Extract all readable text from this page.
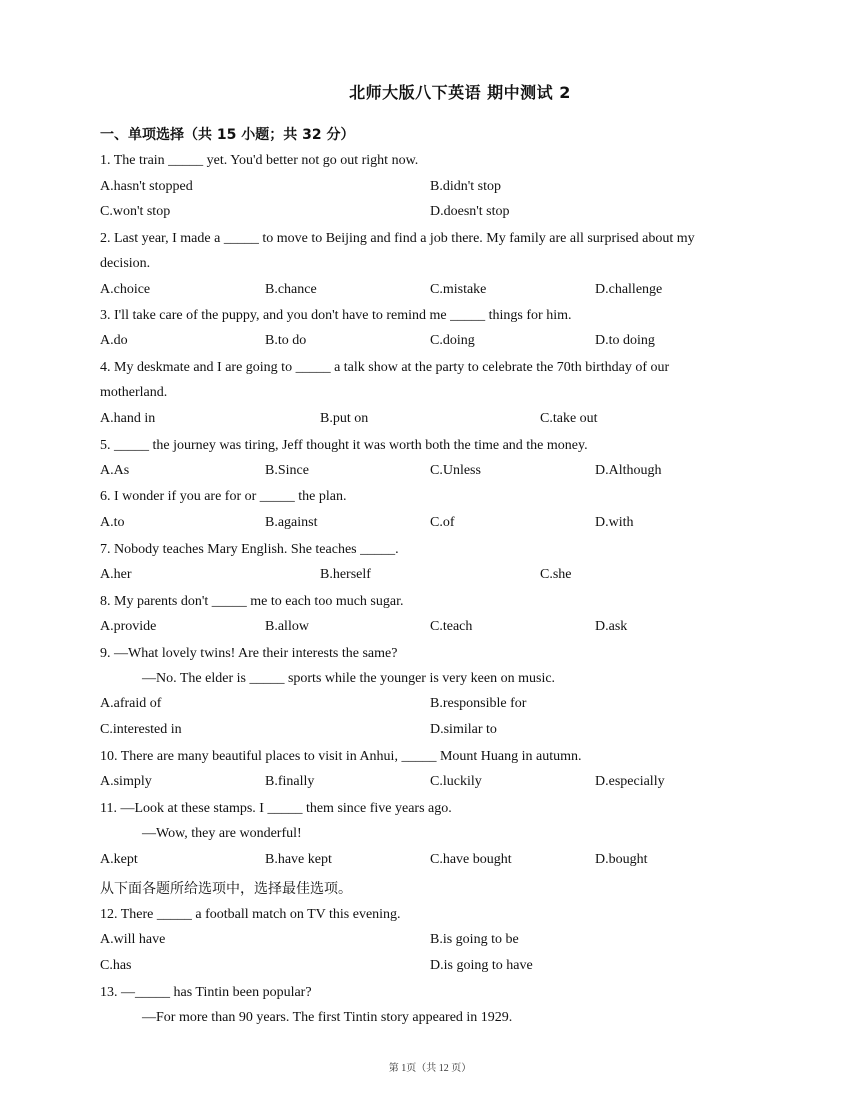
北师大版八下英语 期中测试 2
一、单项选择（共 15 小题；共 32 分）
1. The train _____ yet. You'd better not go out right now.
A.hasn't stopped	B.didn't stop
C.won't stop	D.doesn't stop
2. Last year, I made a _____ to move to Beijing and find a job there. My family are all surprised about my
decision.
A.choice	B.chance	C.mistake	D.challenge
3. I'll take care of the puppy, and you don't have to remind me _____ things for him.
A.do	B.to do	C.doing	D.to doing
4. My deskmate and I are going to _____ a talk show at the party to celebrate the 70th birthday of our
motherland.
A.hand in	B.put on	C.take out
5. _____ the journey was tiring, Jeff thought it was worth both the time and the money.
A.As	B.Since	C.Unless	D.Although
6. I wonder if you are for or _____ the plan.
A.to	B.against	C.of	D.with
7. Nobody teaches Mary English. She teaches _____.
A.her	B.herself	C.she
8. My parents don't _____ me to each too much sugar.
A.provide	B.allow	C.teach	D.ask
9. —What lovely twins! Are their interests the same?
—No. The elder is _____ sports while the younger is very keen on music.
A.afraid of	B.responsible for
C.interested in	D.similar to
10. There are many beautiful places to visit in Anhui, _____ Mount Huang in autumn.
A.simply	B.finally	C.luckily	D.especially
11. —Look at these stamps. I _____ them since five years ago.
—Wow, they are wonderful!
A.kept	B.have kept	C.have bought	D.bought
从下面各题所给选项中，选择最佳选项。
12. There _____ a football match on TV this evening.
A.will have	B.is going to be
C.has	D.is going to have
13. —_____ has Tintin been popular?
—For more than 90 years. The first Tintin story appeared in 1929.
第 1页（共 12 页）
